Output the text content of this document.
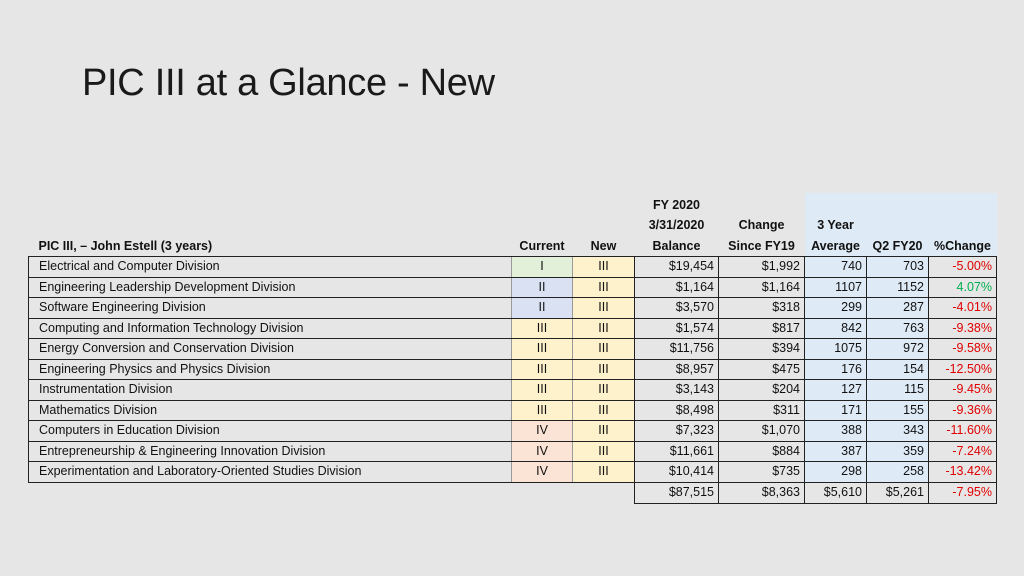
PIC III at a Glance - New
			FY 2020				
			3/31/2020	Change	3 Year		
PIC III, – John Estell (3 years)	Current	New	Balance	Since FY19	Average	Q2 FY20	%Change
Electrical and Computer Division	I	III	$19,454	$1,992	740	703	-5.00%
Engineering Leadership Development Division	II	III	$1,164	$1,164	1107	1152	4.07%
Software Engineering Division	II	III	$3,570	$318	299	287	-4.01%
Computing and Information Technology Division	III	III	$1,574	$817	842	763	-9.38%
Energy Conversion and Conservation Division	III	III	$11,756	$394	1075	972	-9.58%
Engineering Physics and Physics Division	III	III	$8,957	$475	176	154	-12.50%
Instrumentation Division	III	III	$3,143	$204	127	115	-9.45%
Mathematics Division	III	III	$8,498	$311	171	155	-9.36%
Computers in Education Division	IV	III	$7,323	$1,070	388	343	-11.60%
Entrepreneurship & Engineering Innovation Division	IV	III	$11,661	$884	387	359	-7.24%
Experimentation and Laboratory-Oriented Studies Division	IV	III	$10,414	$735	298	258	-13.42%
			$87,515	$8,363	$5,610	$5,261	-7.95%
